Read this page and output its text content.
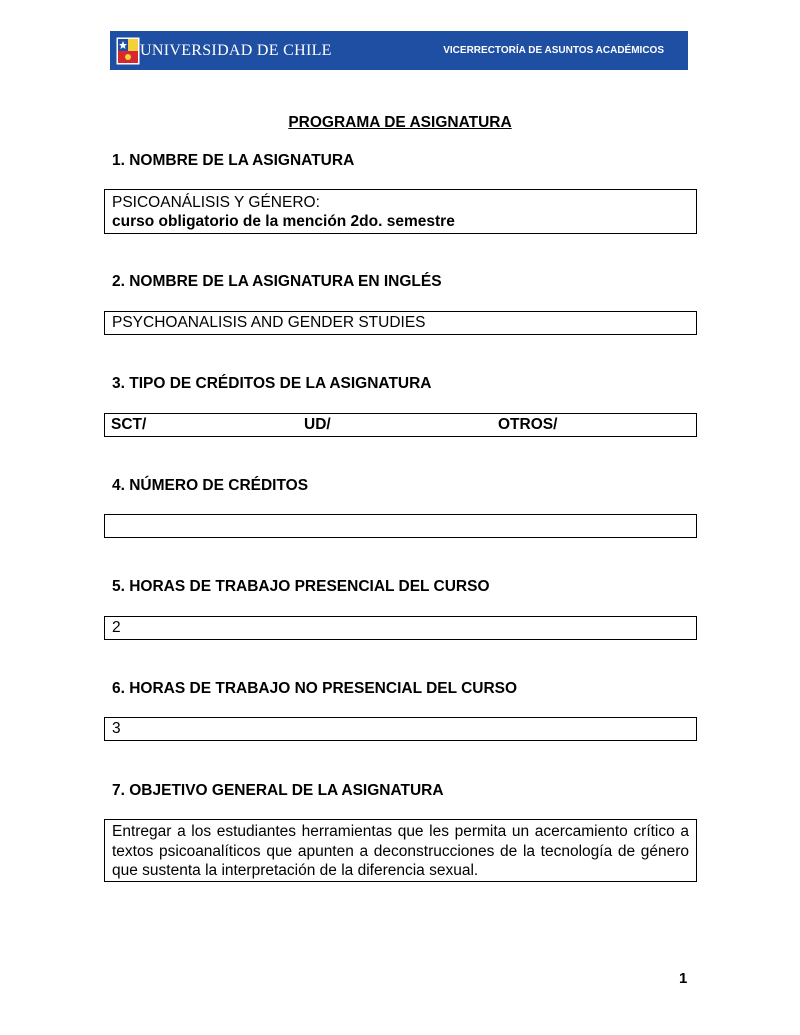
UNIVERSIDAD DE CHILE	VICERRECTORÍA DE ASUNTOS ACADÉMICOS
PROGRAMA DE ASIGNATURA
1. NOMBRE DE LA ASIGNATURA
PSICOANÁLISIS Y GÉNERO:
curso obligatorio de la mención 2do. semestre
2. NOMBRE DE LA ASIGNATURA EN INGLÉS
PSYCHOANALISIS AND GENDER STUDIES
3. TIPO DE CRÉDITOS DE LA ASIGNATURA
SCT/	UD/	OTROS/
4. NÚMERO DE CRÉDITOS
5. HORAS DE TRABAJO PRESENCIAL DEL CURSO
2
6. HORAS DE TRABAJO NO PRESENCIAL DEL CURSO
3
7. OBJETIVO GENERAL DE LA ASIGNATURA
Entregar a los estudiantes herramientas que les permita un acercamiento crítico a textos psicoanalíticos que apunten a deconstrucciones de la tecnología de género que sustenta la interpretación de la diferencia sexual.
1
